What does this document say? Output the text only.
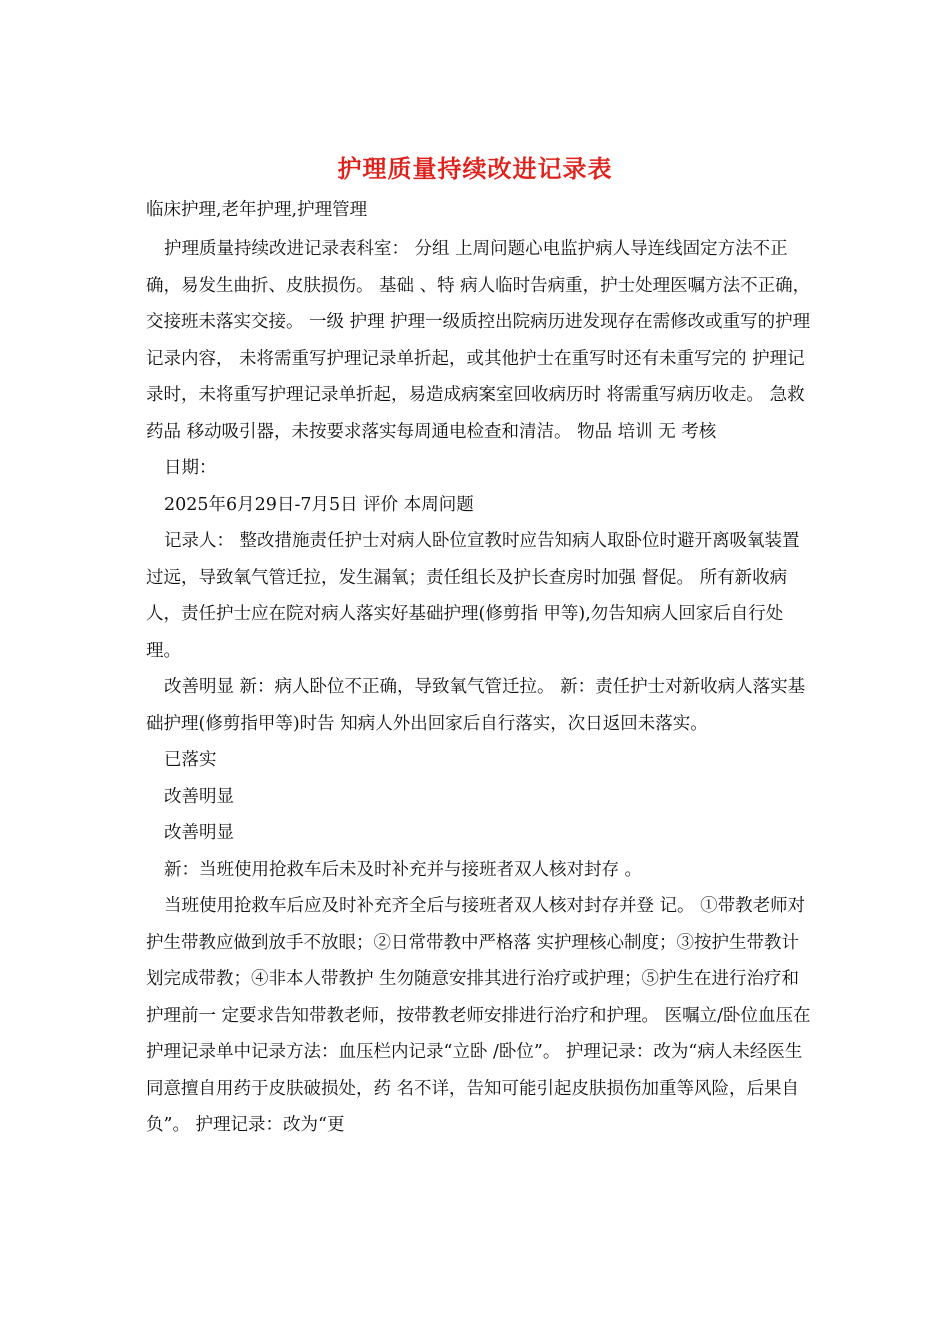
护理质量持续改进记录表
临床护理,老年护理,护理管理

护理质量持续改进记录表科室： 分组 上周问题心电监护病人导连线固定方法不正确，易发生曲折、皮肤损伤。 基础 、特 病人临时告病重，护士处理医嘱方法不正确，交接班未落实交接。 一级 护理 护理一级质控出院病历进发现存在需修改或重写的护理记录内容， 未将需重写护理记录单折起，或其他护士在重写时还有未重写完的 护理记录时，未将重写护理记录单折起，易造成病案室回收病历时 将需重写病历收走。 急救 药品 移动吸引器，未按要求落实每周通电检查和清洁。 物品 培训 无 考核

日期：

2025年6月29日-7月5日 评价 本周问题

记录人： 整改措施责任护士对病人卧位宣教时应告知病人取卧位时避开离吸氧装置 过远，导致氧气管迁拉，发生漏氧；责任组长及护长查房时加强 督促。 所有新收病人，责任护士应在院对病人落实好基础护理(修剪指 甲等),勿告知病人回家后自行处理。

改善明显 新：病人卧位不正确，导致氧气管迁拉。 新：责任护士对新收病人落实基础护理(修剪指甲等)时告 知病人外出回家后自行落实，次日返回未落实。

已落实

改善明显

改善明显

新：当班使用抢救车后未及时补充并与接班者双人核对封存 。

当班使用抢救车后应及时补充齐全后与接班者双人核对封存并登 记。 ①带教老师对护生带教应做到放手不放眼；②日常带教中严格落 实护理核心制度；③按护生带教计划完成带教；④非本人带教护 生勿随意安排其进行治疗或护理；⑤护生在进行治疗和护理前一 定要求告知带教老师，按带教老师安排进行治疗和护理。 医嘱立/卧位血压在护理记录单中记录方法：血压栏内记录“立卧 /卧位”。 护理记录：改为“病人未经医生同意擅自用药于皮肤破损处，药 名不详，告知可能引起皮肤损伤加重等风险，后果自负”。 护理记录：改为“更
